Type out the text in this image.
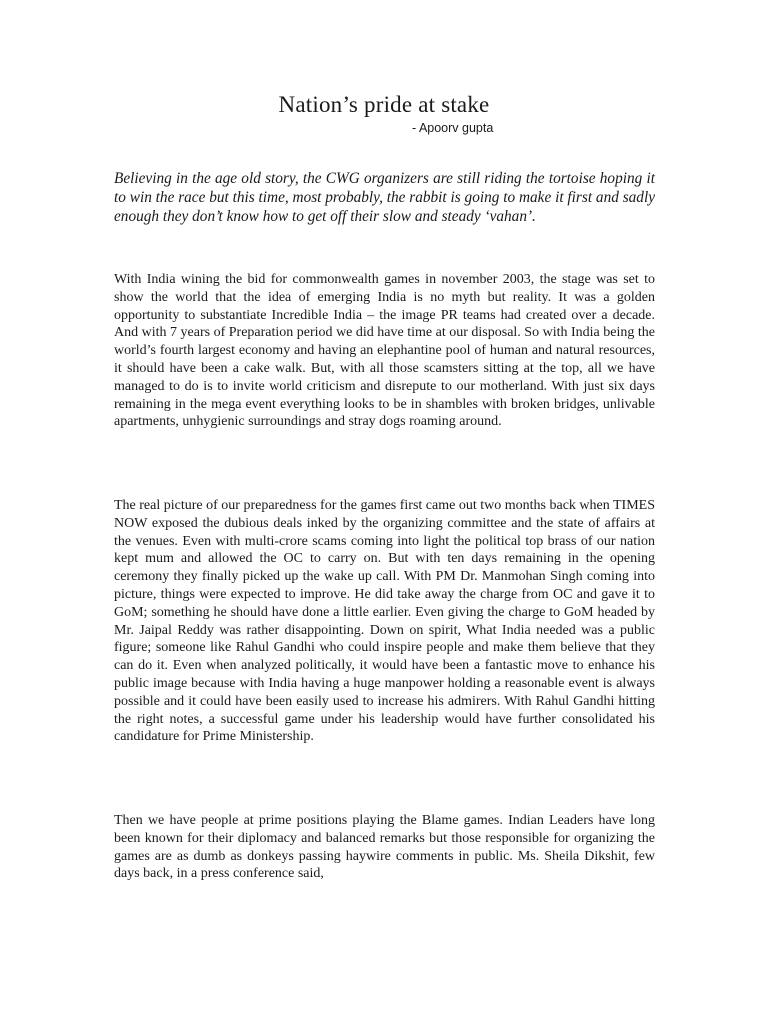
Nation’s pride at stake
- Apoorv gupta

Believing in the age old story, the CWG organizers are still riding the tortoise hoping it to win the race but this time, most probably, the rabbit is going to make it first and sadly enough they don’t know how to get off their slow and steady ‘vahan’.

With India wining the bid for commonwealth games in november 2003, the stage was set to show the world that the idea of emerging India is no myth but reality. It was a golden opportunity to substantiate Incredible India – the image PR teams had created over a decade. And with 7 years of Preparation period we did have time at our disposal. So with India being the world’s fourth largest economy and having an elephantine pool of human and natural resources, it should have been a cake walk. But, with all those scamsters sitting at the top, all we have managed to do is to invite world criticism and disrepute to our motherland. With just six days remaining in the mega event everything looks to be in shambles with broken bridges, unlivable apartments, unhygienic surroundings and stray dogs roaming around.

The real picture of our preparedness for the games first came out two months back when TIMES NOW exposed the dubious deals inked by the organizing committee and the state of affairs at the venues. Even with multi-crore scams coming into light the political top brass of our nation kept mum and allowed the OC to carry on. But with ten days remaining in the opening ceremony they finally picked up the wake up call. With PM Dr. Manmohan Singh coming into picture, things were expected to improve. He did take away the charge from OC and gave it to GoM; something he should have done a little earlier. Even giving the charge to GoM headed by Mr. Jaipal Reddy was rather disappointing. Down on spirit, What India needed was a public figure; someone like Rahul Gandhi who could inspire people and make them believe that they can do it. Even when analyzed politically, it would have been a fantastic move to enhance his public image because with India having a huge manpower holding a reasonable event is always possible and it could have been easily used to increase his admirers. With Rahul Gandhi hitting the right notes, a successful game under his leadership would have further consolidated his candidature for Prime Ministership.

Then we have people at prime positions playing the Blame games. Indian Leaders have long been known for their diplomacy and balanced remarks but those responsible for organizing the games are as dumb as donkeys passing haywire comments in public. Ms. Sheila Dikshit, few days back, in a press conference said,
